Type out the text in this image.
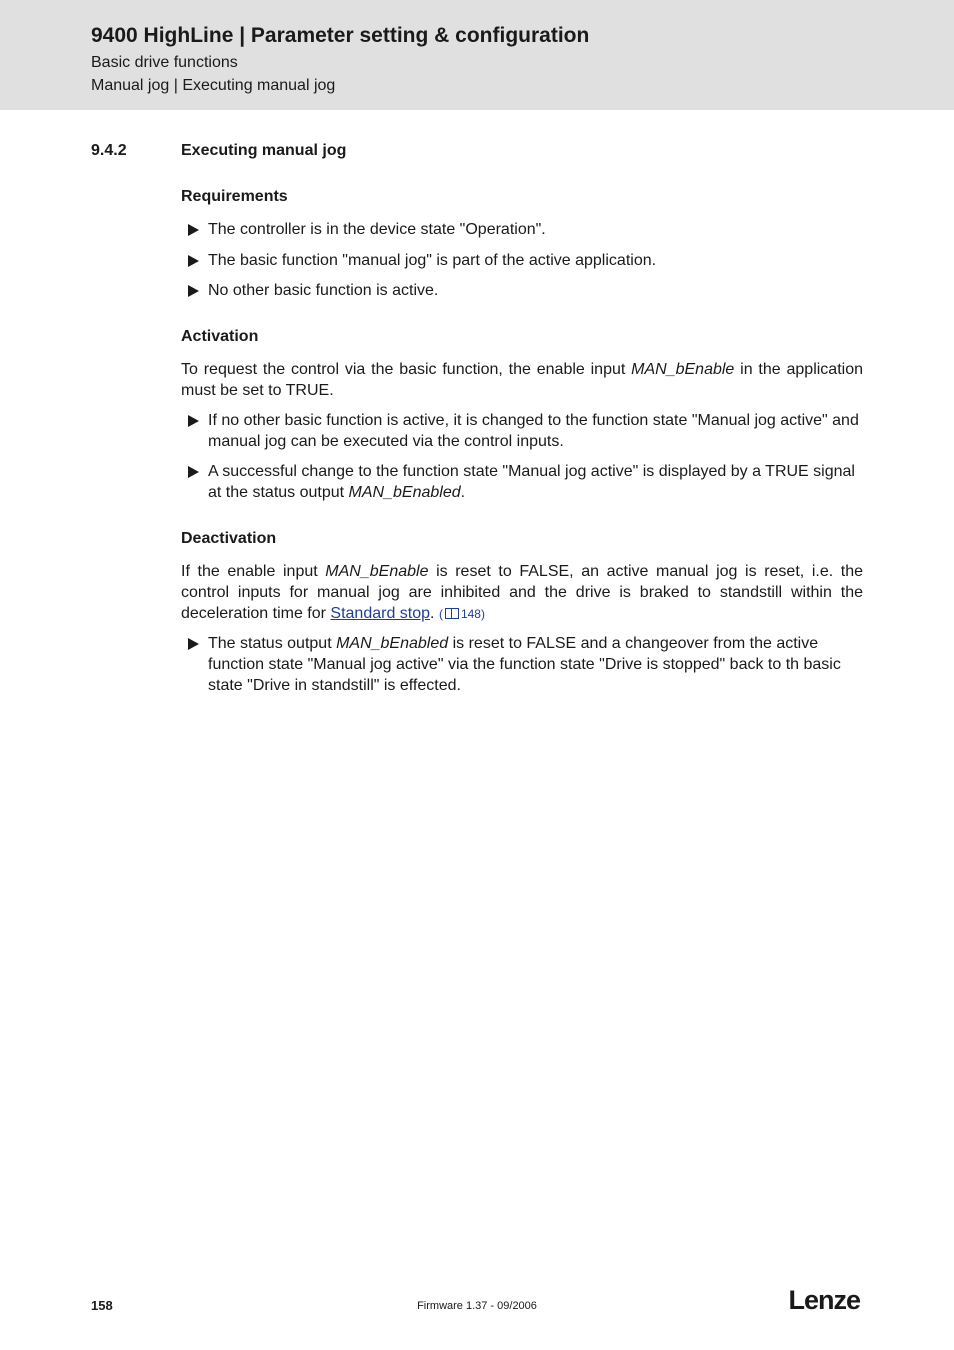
9400 HighLine | Parameter setting & configuration
Basic drive functions
Manual jog | Executing manual jog
9.4.2	Executing manual jog
Requirements
The controller is in the device state "Operation".
The basic function "manual jog" is part of the active application.
No other basic function is active.
Activation
To request the control via the basic function, the enable input MAN_bEnable in the application must be set to TRUE.
If no other basic function is active, it is changed to the function state "Manual jog active" and manual jog can be executed via the control inputs.
A successful change to the function state "Manual jog active" is displayed by a TRUE signal at the status output MAN_bEnabled.
Deactivation
If the enable input MAN_bEnable is reset to FALSE, an active manual jog is reset, i.e. the control inputs for manual jog are inhibited and the drive is braked to standstill within the deceleration time for Standard stop. ( 148)
The status output MAN_bEnabled is reset to FALSE and a changeover from the active function state "Manual jog active" via the function state "Drive is stopped" back to th basic state "Drive in standstill" is effected.
158	Firmware 1.37 - 09/2006	Lenze
